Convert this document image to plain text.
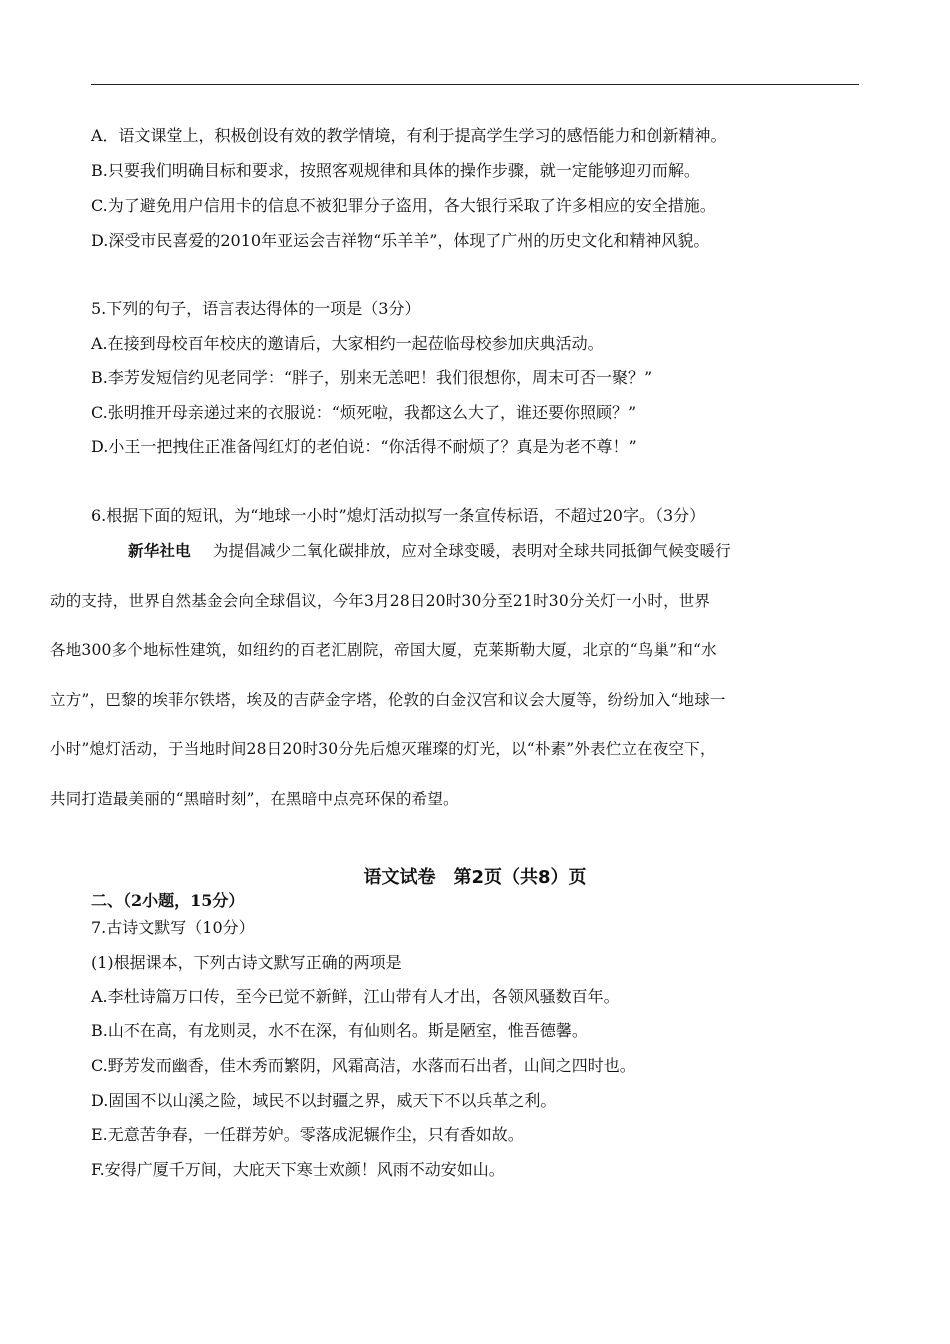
A．语文课堂上，积极创设有效的教学情境，有利于提高学生学习的感悟能力和创新精神。
B.只要我们明确目标和要求，按照客观规律和具体的操作步骤，就一定能够迎刃而解。
C.为了避免用户信用卡的信息不被犯罪分子盗用，各大银行采取了许多相应的安全措施。
D.深受市民喜爱的2010年亚运会吉祥物“乐羊羊”，体现了广州的历史文化和精神风貌。
5.下列的句子，语言表达得体的一项是（3分）
A.在接到母校百年校庆的邀请后，大家相约一起莅临母校参加庆典活动。
B.李芳发短信约见老同学：“胖子，别来无恙吧！我们很想你，周末可否一聚？”
C.张明推开母亲递过来的衣服说：“烦死啦，我都这么大了，谁还要你照顾？”
D.小王一把拽住正准备闯红灯的老伯说：“你活得不耐烦了？真是为老不尊！”
6.根据下面的短讯，为“地球一小时”熄灯活动拟写一条宣传标语，不超过20字。（3分）
新华社电 为提倡减少二氧化碳排放，应对全球变暖，表明对全球共同抵御气候变暖行
动的支持，世界自然基金会向全球倡议，今年3月28日20时30分至21时30分关灯一小时，世界
各地300多个地标性建筑，如纽约的百老汇剧院，帝国大厦，克莱斯勒大厦，北京的“鸟巢”和“水
立方”，巴黎的埃菲尔铁塔，埃及的吉萨金字塔，伦敦的白金汉宫和议会大厦等，纷纷加入“地球一
小时”熄灯活动，于当地时间28日20时30分先后熄灭璀璨的灯光，以“朴素”外表伫立在夜空下，
共同打造最美丽的“黑暗时刻”，在黑暗中点亮环保的希望。
语文试卷　第2页（共8）页
二、（2小题，15分）
7.古诗文默写（10分）
(1)根据课本，下列古诗文默写正确的两项是
A.李杜诗篇万口传，至今已觉不新鲜，江山带有人才出，各领风骚数百年。
B.山不在高，有龙则灵，水不在深，有仙则名。斯是陋室，惟吾德馨。
C.野芳发而幽香，佳木秀而繁阴，风霜高洁，水落而石出者，山间之四时也。
D.固国不以山溪之险，域民不以封疆之界，威天下不以兵革之利。
E.无意苦争春，一任群芳妒。零落成泥辗作尘，只有香如故。
F.安得广厦千万间，大庇天下寒士欢颜！风雨不动安如山。
